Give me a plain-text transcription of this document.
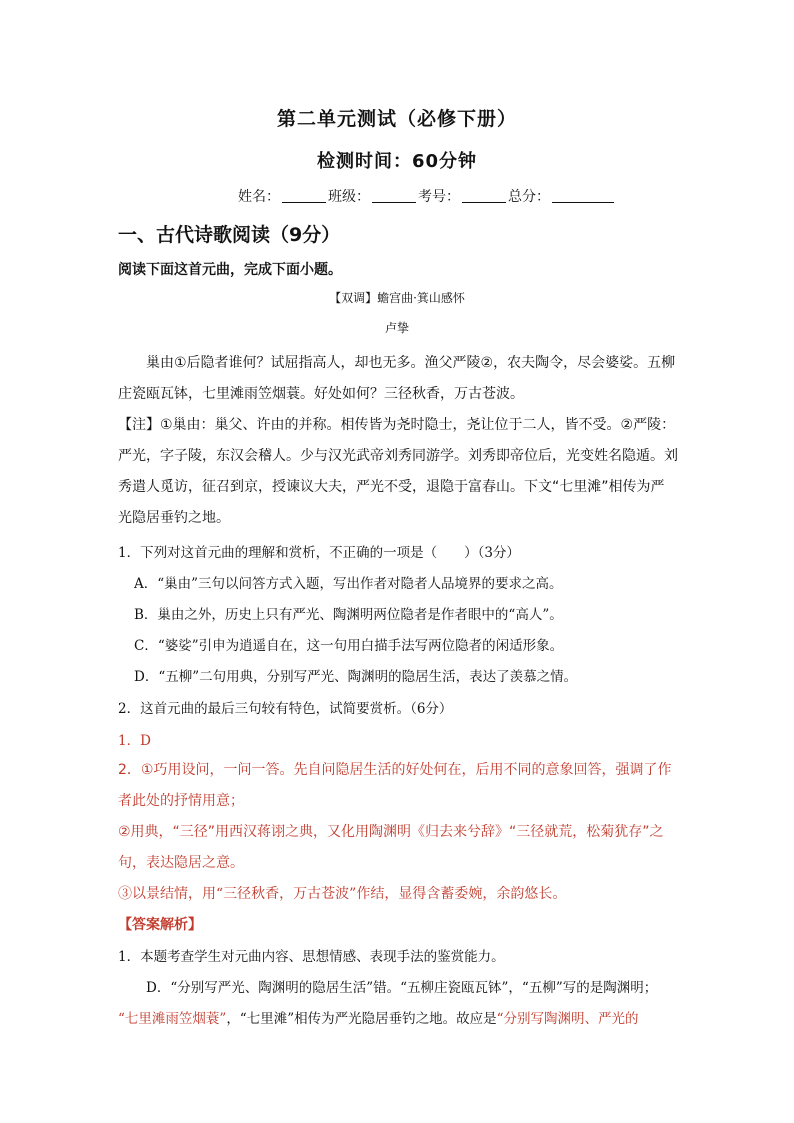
第二单元测试（必修下册）
检测时间：60分钟
姓名：	班级：	考号：	总分：
一、古代诗歌阅读（9分）
阅读下面这首元曲，完成下面小题。
【双调】蟾宫曲·箕山感怀
卢挚
巢由①后隐者谁何？试屈指高人，却也无多。渔父严陵②，农夫陶令，尽会婆娑。五柳
庄瓷瓯瓦钵，七里滩雨笠烟蓑。好处如何？三径秋香，万古苍波。
【注】①巢由：巢父、许由的并称。相传皆为尧时隐士，尧让位于二人，皆不受。②严陵：
严光，字子陵，东汉会稽人。少与汉光武帝刘秀同游学。刘秀即帝位后，光变姓名隐遁。刘
秀遣人觅访，征召到京，授谏议大夫，严光不受，退隐于富春山。下文“七里滩”相传为严
光隐居垂钓之地。
1．下列对这首元曲的理解和赏析，不正确的一项是（　　）（3分）
A．“巢由”三句以问答方式入题，写出作者对隐者人品境界的要求之高。
B．巢由之外，历史上只有严光、陶渊明两位隐者是作者眼中的“高人”。
C．“婆娑”引申为逍遥自在，这一句用白描手法写两位隐者的闲适形象。
D．“五柳”二句用典，分别写严光、陶渊明的隐居生活，表达了羡慕之情。
2．这首元曲的最后三句较有特色，试简要赏析。（6分）
1．D
2．①巧用设问，一问一答。先自问隐居生活的好处何在，后用不同的意象回答，强调了作
者此处的抒情用意；
②用典，“三径”用西汉蒋诩之典，又化用陶渊明《归去来兮辞》“三径就荒，松菊犹存”之
句，表达隐居之意。
③以景结情，用“三径秋香，万古苍波”作结，显得含蓄委婉，余韵悠长。
【答案解析】
1．本题考查学生对元曲内容、思想情感、表现手法的鉴赏能力。
D．“分别写严光、陶渊明的隐居生活”错。“五柳庄瓷瓯瓦钵”，“五柳”写的是陶渊明；
“七里滩雨笠烟蓑”，“七里滩”相传为严光隐居垂钓之地。故应是“分别写陶渊明、严光的
